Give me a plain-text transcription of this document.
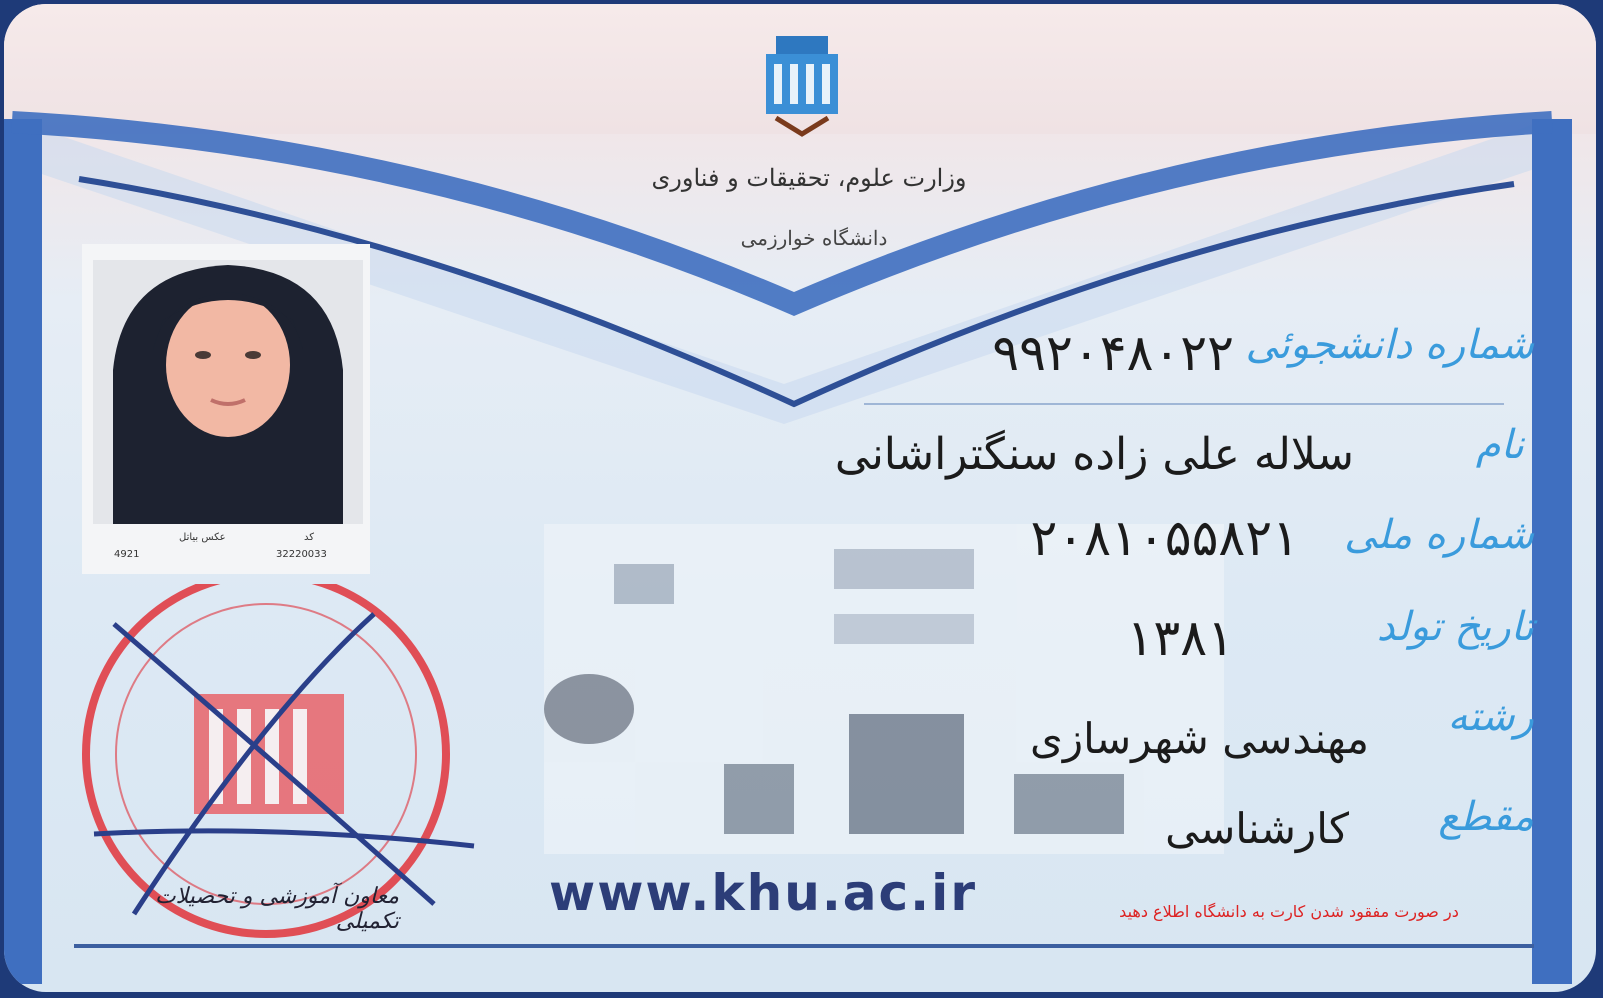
وزارت علوم، تحقیقات و فناوری
دانشگاه خوارزمی
عکس بیاتل
4921
کد
32220033
۹۹۲۰۴۸۰۲۲ شماره دانشجوئی
سلاله علی زاده سنگتراشانی	نام
۲۰۸۱۰۵۵۸۲۱	شماره ملی
۱۳۸۱	تاریخ تولد
مهندسی شهرسازی	رشته
کارشناسی	مقطع
معاون آموزشی و تحصیلات تکمیلی	www.khu.ac.ir	در صورت مفقود شدن کارت به دانشگاه اطلاع دهید
